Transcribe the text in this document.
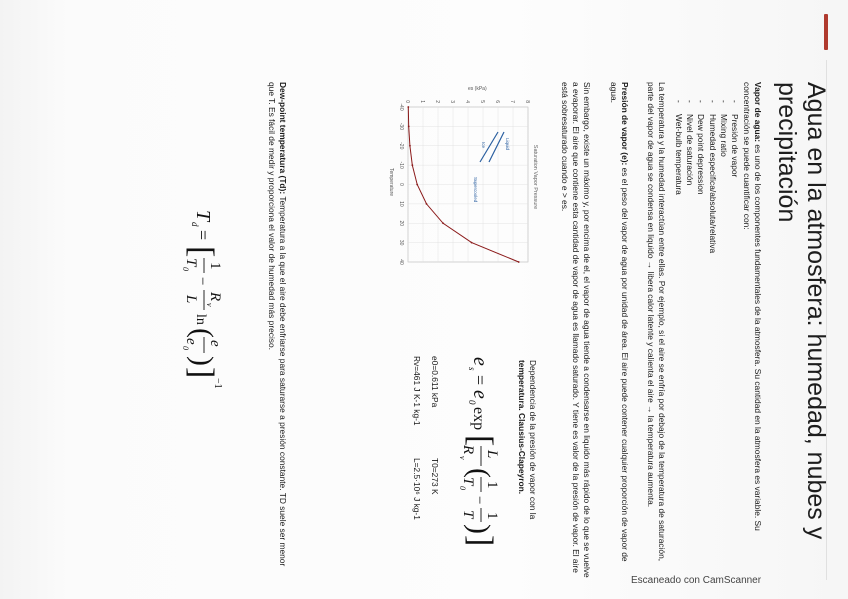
Agua en la atmosfera: humedad, nubes y precipitación

Vapor de agua: es uno de los componentes fundamentales de la atmosfera. Su cantidad en la atmosfera es variable. Su concentración se puede cuantificar con:

- Presión de vapor
- Mixing ratio
- Humedad especifica/absoluta/relativa
- Dew point depression
- Nivel de saturación
- Wet-bulb temperatura

La temperatura y la humedad interactúan entre ellas. Por ejemplo, si el aire se enfría por debajo de la temperatura de saturación, parte del vapor de agua se condensa en liquido → libera calor latente y calienta el aire → la temperatura aumenta.

Presión de vapor (e): es el peso del vapor de agua por unidad de área. El aire puede contener cualquier proporción de vapor de agua.

Sin embargo, existe un máximo y, por encima de el, el vapor de agua tiende a condensarse en liquido más rápido de lo que se vuelve a evaporar. El aire que contiene esta cantidad de vapor de agua es llamado saturado. Y tiene es valor de la presión de vapor. El aire está sobresaturado cuando e > es.

Saturation Vapor Pressure
-40
-30
-20
-10
0
10
20
30
40
0 1 2 3 4 5 6 7 8
Liquid
Ice
Supercooled
Temperature
es (kPa)

Dependencia de la presión de vapor con la temperatura. Clausius-Clapeyron.

e
s
=
e
0
exp
[
L
R
v
(
1
T
0
−
1
T
)
]
e0=0.611 kPa
T0=273 K
Rv=461 J K-1 kg-1
L=2.5·10⁶ J kg-1

Dew-point temperatura (Td): Temperatura a la que el aire debe enfriarse para saturarse a presión constante. TD suele ser menor que T. Es fácil de medir y proporciona el valor de humedad más preciso.

T
d
=
[
1
T
0
−
R
v
L
ln
(
e
e
0
)
]
−1
Escaneado con CamScanner
